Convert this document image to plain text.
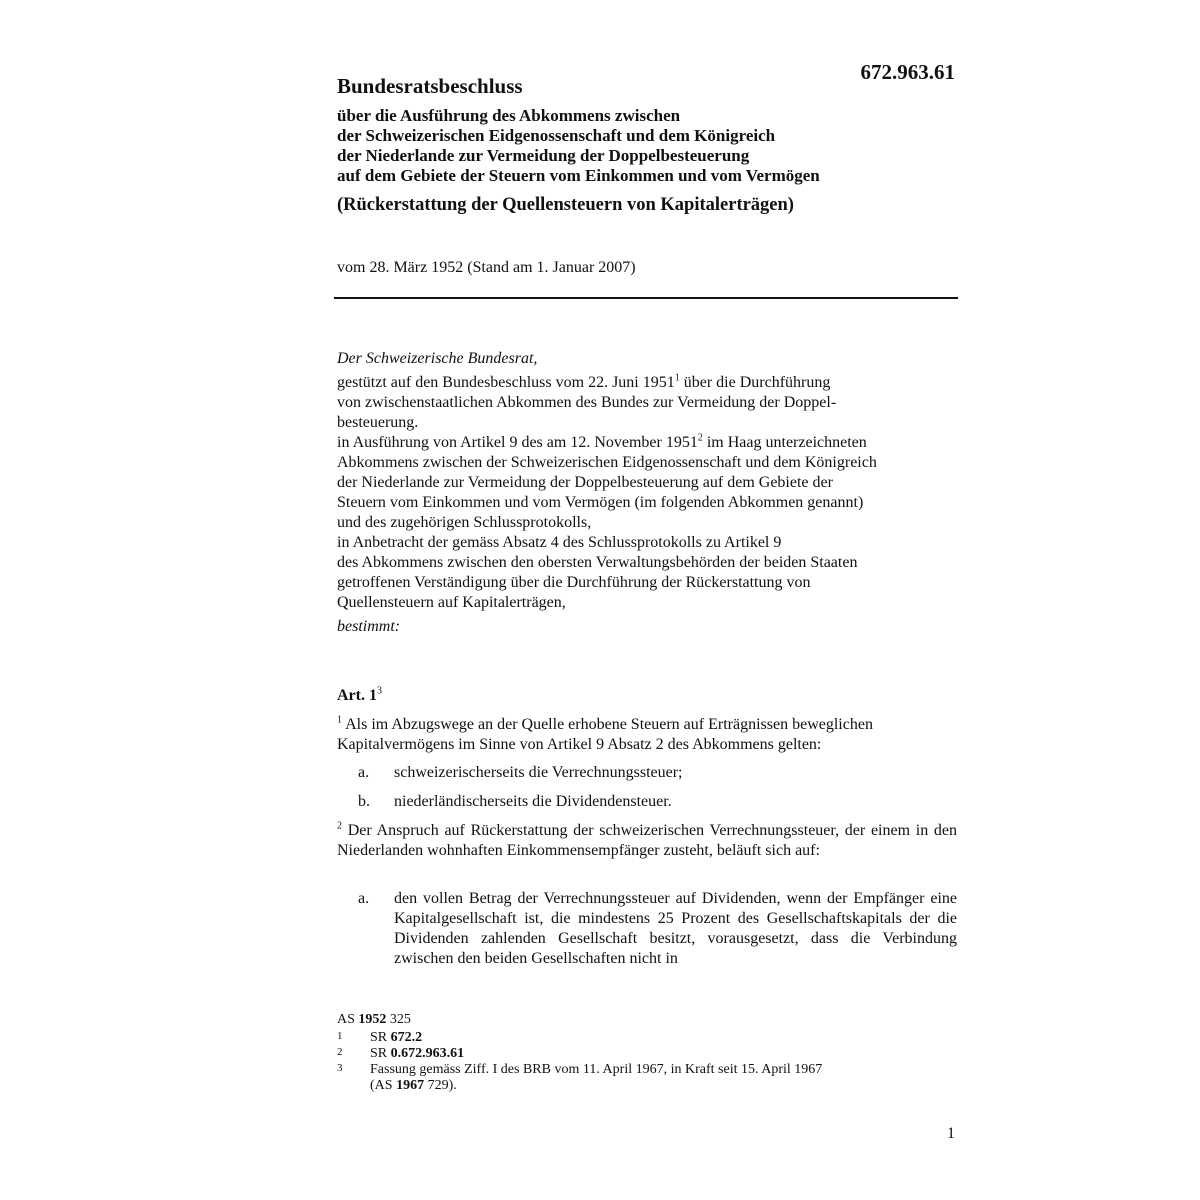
672.963.61
Bundesratsbeschluss
über die Ausführung des Abkommens zwischen
der Schweizerischen Eidgenossenschaft und dem Königreich
der Niederlande zur Vermeidung der Doppelbesteuerung
auf dem Gebiete der Steuern vom Einkommen und vom Vermögen
(Rückerstattung der Quellensteuern von Kapitalerträgen)
vom 28. März 1952 (Stand am 1. Januar 2007)
Der Schweizerische Bundesrat,
gestützt auf den Bundesbeschluss vom 22. Juni 1951$^1$ über die Durchführung
von zwischenstaatlichen Abkommen des Bundes zur Vermeidung der Doppel-
besteuerung.
in Ausführung von Artikel 9 des am 12. November 1951$^2$ im Haag unterzeichneten
Abkommens zwischen der Schweizerischen Eidgenossenschaft und dem Königreich
der Niederlande zur Vermeidung der Doppelbesteuerung auf dem Gebiete der
Steuern vom Einkommen und vom Vermögen (im folgenden Abkommen genannt)
und des zugehörigen Schlussprotokolls,
in Anbetracht der gemäss Absatz 4 des Schlussprotokolls zu Artikel 9
des Abkommens zwischen den obersten Verwaltungsbehörden der beiden Staaten
getroffenen Verständigung über die Durchführung der Rückerstattung von
Quellensteuern auf Kapitalerträgen,
bestimmt:
Art. 1$^3$
$^1$ Als im Abzugswege an der Quelle erhobene Steuern auf Erträgnissen beweglichen
Kapitalvermögens im Sinne von Artikel 9 Absatz 2 des Abkommens gelten:
a. schweizerischerseits die Verrechnungssteuer;
b. niederländischerseits die Dividendensteuer.
$^2$ Der Anspruch auf Rückerstattung der schweizerischen Verrechnungssteuer, der einem in den Niederlanden wohnhaften Einkommensempfänger zusteht, beläuft sich auf:
a. den vollen Betrag der Verrechnungssteuer auf Dividenden, wenn der Empfänger eine Kapitalgesellschaft ist, die mindestens 25 Prozent des Gesellschaftskapitals der die Dividenden zahlenden Gesellschaft besitzt, vorausgesetzt, dass die Verbindung zwischen den beiden Gesellschaften nicht in
AS 1952 325
1 SR 672.2
2 SR 0.672.963.61
3 Fassung gemäss Ziff. I des BRB vom 11. April 1967, in Kraft seit 15. April 1967
(AS 1967 729).
1
